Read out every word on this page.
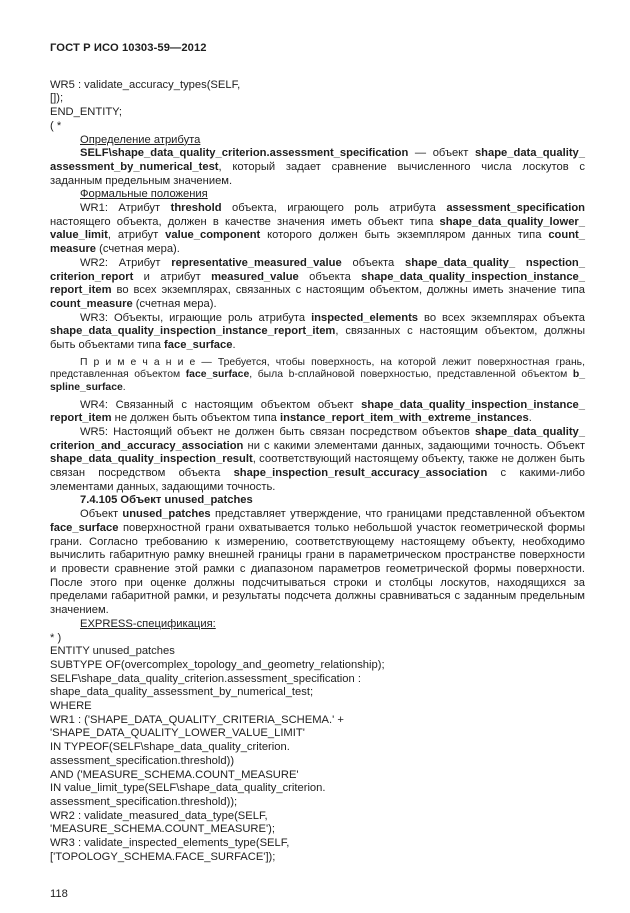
ГОСТ Р ИСО 10303-59—2012
WR5 : validate_accuracy_types(SELF,
[]);
END_ENTITY;
( *
Определение атрибута
SELF\shape_​data_​quality_​criterion.assessment_​specification — объект shape_​data_​quality_​assessment_​by_​numerical_​test, который задает сравнение вычисленного числа лоскутов с заданным предельным значением.
Формальные положения
WR1: Атрибут threshold объекта, играющего роль атрибута assessment_​specification настоящего объекта, должен в качестве значения иметь объект типа shape_​data_​quality_​lower_​value_​limit, атрибут value_​component которого должен быть экземпляром данных типа count_​measure (счетная мера).
WR2: Атрибут representative_​measured_​value объекта shape_​data_​quality_​ nspection_​criterion_​report и атрибут measured_​value объекта shape_​data_​quality_​inspection_​instance_​report_​item во всех экземплярах, связанных с настоящим объектом, должны иметь значение типа count_​measure (счетная мера).
WR3: Объекты, играющие роль атрибута inspected_​elements во всех экземплярах объекта shape_​data_​quality_​inspection_​instance_​report_​item, связанных с настоящим объектом, должны быть объектами типа face_​surface.
П р и м е ч а н и е — Требуется, чтобы поверхность, на которой лежит поверхностная грань, представленная объектом face_​surface, была b-сплайновой поверхностью, представленной объектом b_​spline_​surface.
WR4: Связанный с настоящим объектом объект shape_​data_​quality_​inspection_​instance_​report_​item не должен быть объектом типа instance_​report_​item_​with_​extreme_​instances.
WR5: Настоящий объект не должен быть связан посредством объектов shape_​data_​quality_​ criterion_​and_​accuracy_​association ни с какими элементами данных, задающими точность. Объект shape_​data_​quality_​inspection_​result, соответствующий настоящему объекту, также не должен быть связан посредством объекта shape_​inspection_​result_​accuracy_​association с какими-либо элементами данных, задающими точность.
7.4.105 Объект unused_​patches
Объект unused_​patches представляет утверждение, что границами представленной объектом face_​surface поверхностной грани охватывается только небольшой участок геометрической формы грани. Согласно требованию к измерению, соответствующему настоящему объекту, необходимо вычислить габаритную рамку внешней границы грани в параметрическом пространстве поверхности и провести сравнение этой рамки с диапазоном параметров геометрической формы поверхности. После этого при оценке должны подсчитываться строки и столбцы лоскутов, находящихся за пределами габаритной рамки, и результаты подсчета должны сравниваться с заданным предельным значением.
EXPRESS-спецификация:
* )
ENTITY unused_patches
SUBTYPE OF(overcomplex_topology_and_geometry_relationship);
SELF\shape_data_quality_criterion.assessment_specification :
shape_data_quality_assessment_by_numerical_test;
WHERE
WR1 : ('SHAPE_DATA_QUALITY_CRITERIA_SCHEMA.' +
'SHAPE_DATA_QUALITY_LOWER_VALUE_LIMIT'
IN TYPEOF(SELF\shape_data_quality_criterion.
assessment_specification.threshold))
AND ('MEASURE_SCHEMA.COUNT_MEASURE'
IN value_limit_type(SELF\shape_data_quality_criterion.
assessment_specification.threshold));
WR2 : validate_measured_data_type(SELF,
'MEASURE_SCHEMA.COUNT_MEASURE');
WR3 : validate_inspected_elements_type(SELF,
['TOPOLOGY_SCHEMA.FACE_SURFACE']);
118
